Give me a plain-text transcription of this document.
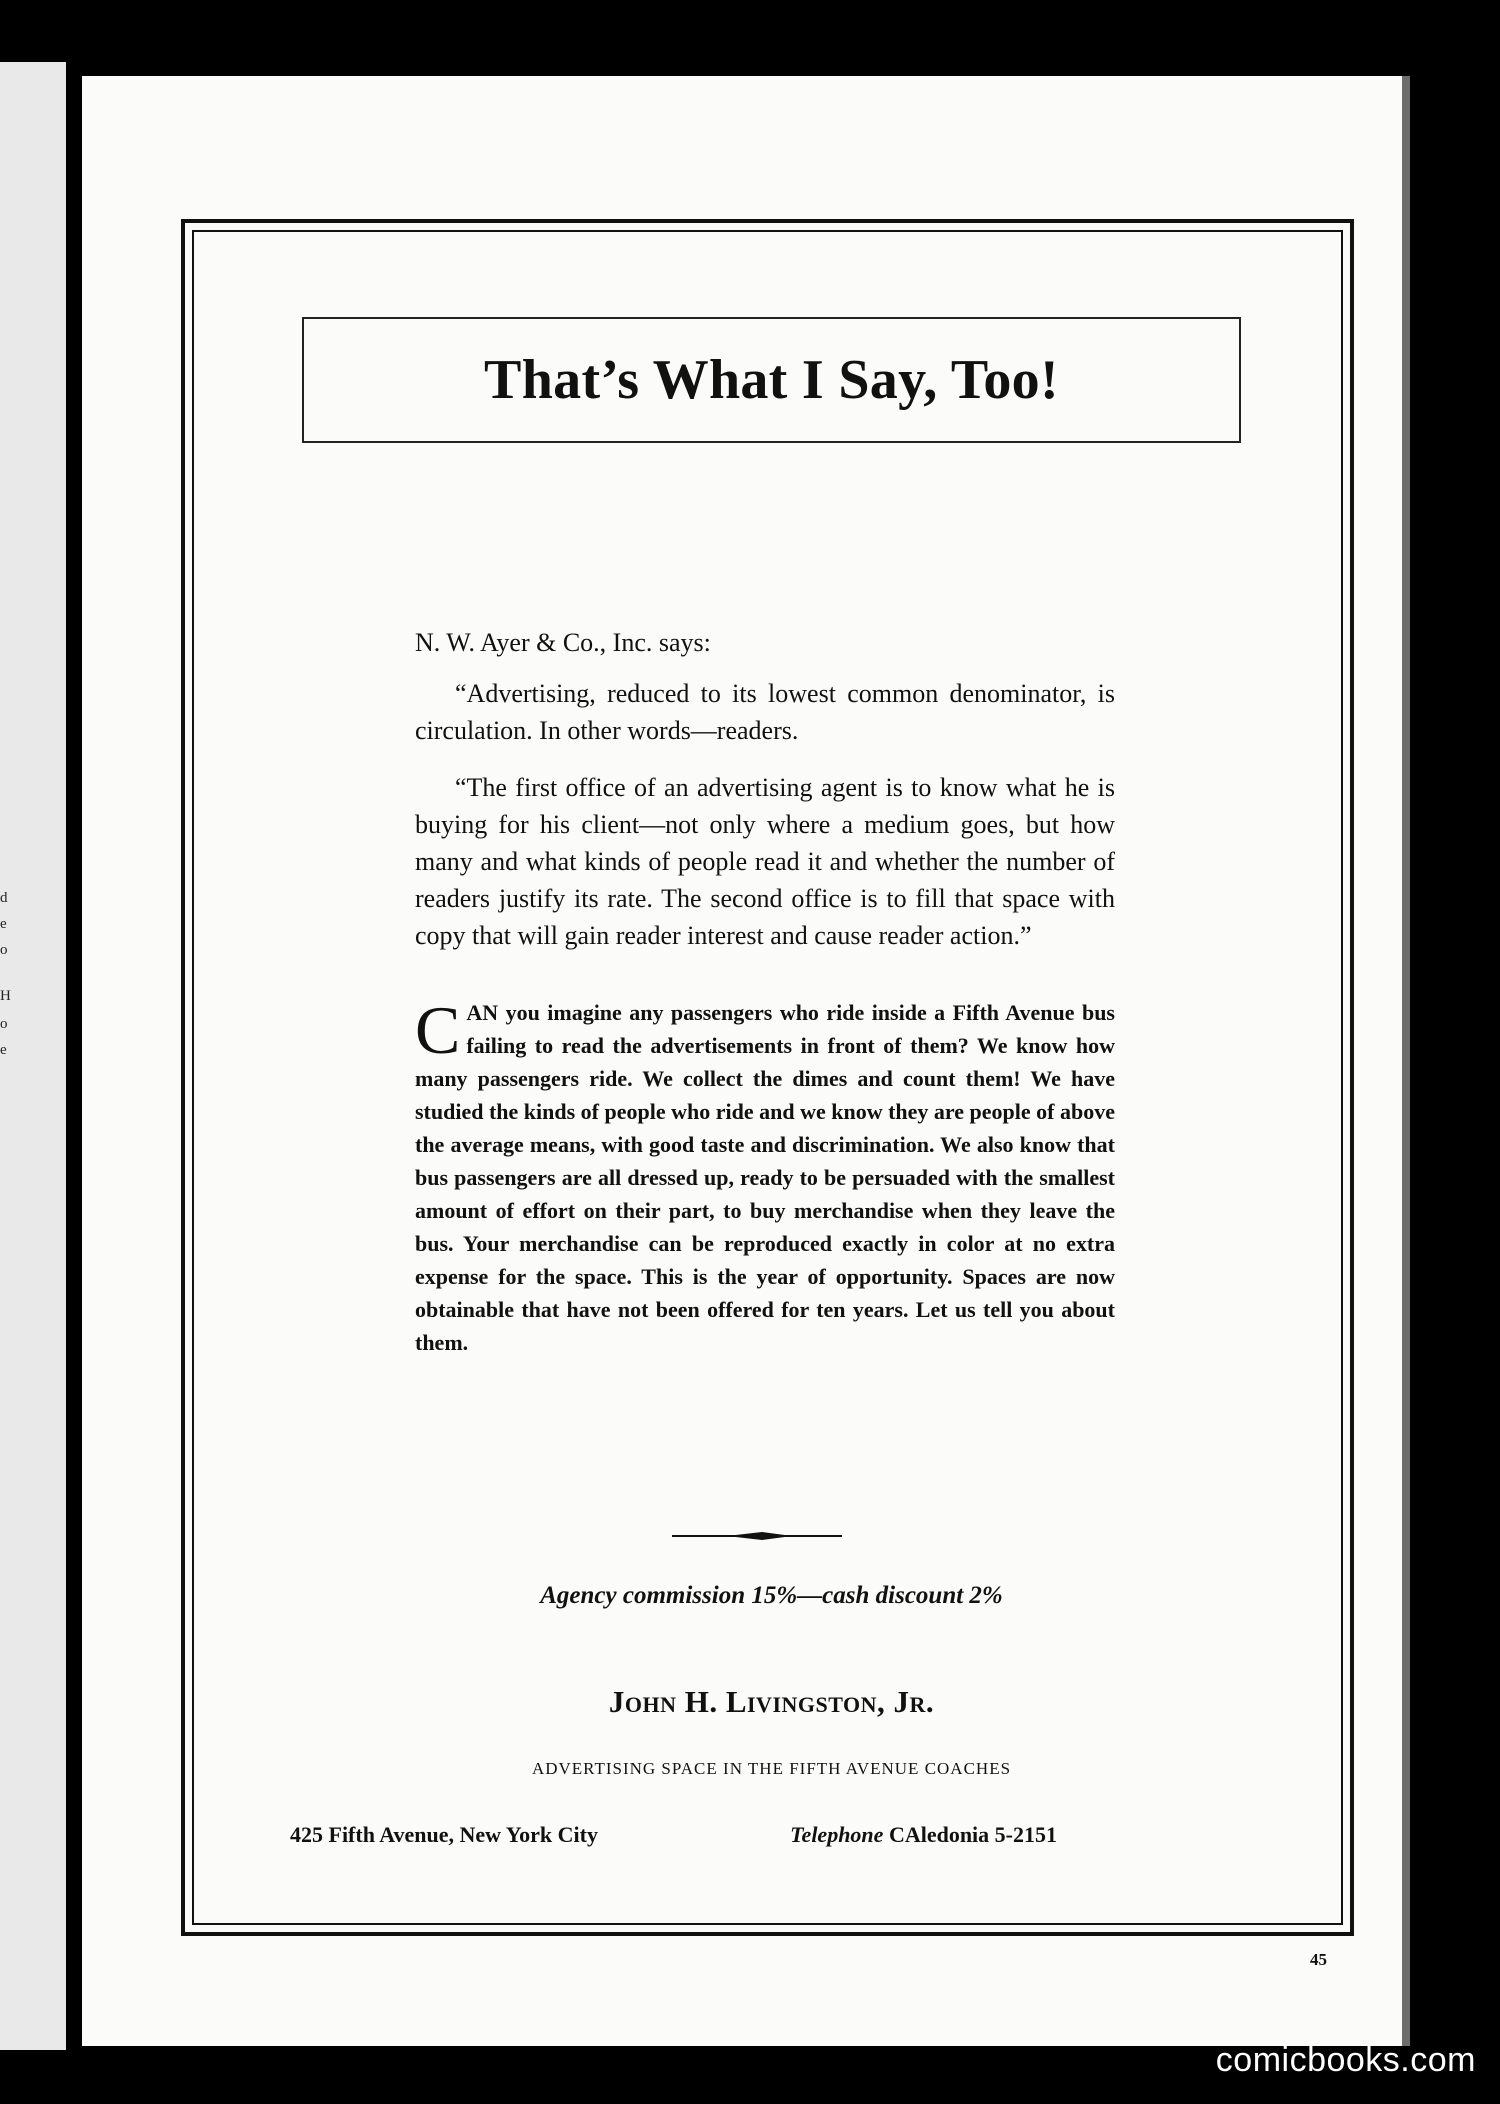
d
e
o
H
o
e
That’s What I Say, Too!

N. W. Ayer & Co., Inc. says:

“Advertising, reduced to its lowest common denominator, is circulation. In other words—readers.

“The first office of an advertising agent is to know what he is buying for his client—not only where a medium goes, but how many and what kinds of people read it and whether the number of readers justify its rate. The second office is to fill that space with copy that will gain reader interest and cause reader action.”

CAN you imagine any passengers who ride inside a Fifth Avenue bus failing to read the advertisements in front of them? We know how many passengers ride. We collect the dimes and count them! We have studied the kinds of people who ride and we know they are people of above the average means, with good taste and discrimination. We also know that bus passengers are all dressed up, ready to be persuaded with the smallest amount of effort on their part, to buy merchandise when they leave the bus. Your merchandise can be reproduced exactly in color at no extra expense for the space. This is the year of opportunity. Spaces are now obtainable that have not been offered for ten years. Let us tell you about them.

Agency commission 15%—cash discount 2%
John H. Livingston, Jr.
ADVERTISING SPACE IN THE FIFTH AVENUE COACHES
425 Fifth Avenue, New York City	Telephone CAledonia 5-2151
45
comicbooks.com
